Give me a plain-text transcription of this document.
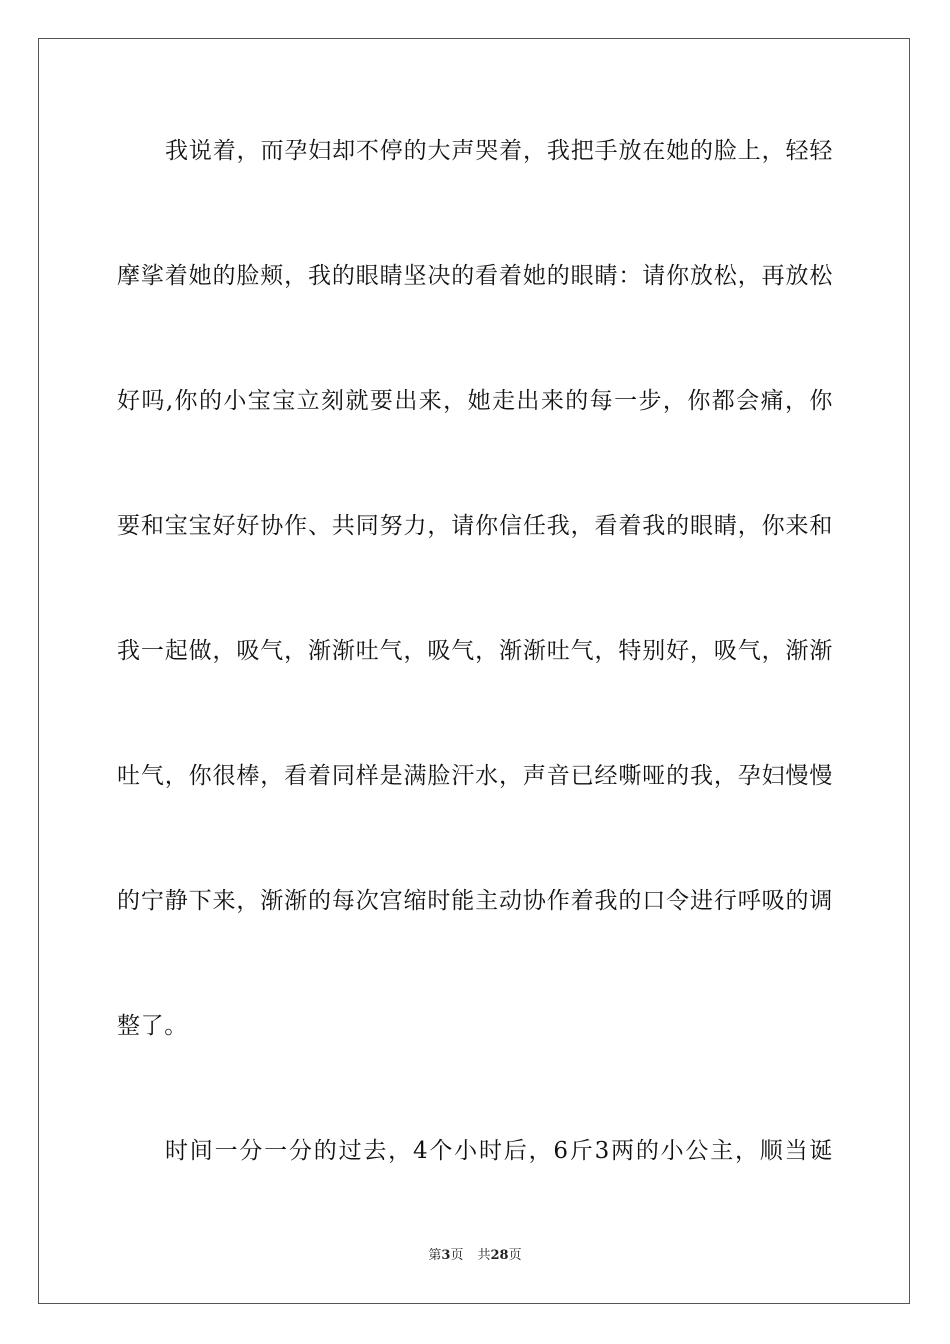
我说着，而孕妇却不停的大声哭着，我把手放在她的脸上，轻轻
摩挲着她的脸颊，我的眼睛坚决的看着她的眼睛：请你放松，再放松
好吗,你的小宝宝立刻就要出来，她走出来的每一步，你都会痛，你
要和宝宝好好协作、共同努力，请你信任我，看着我的眼睛，你来和
我一起做，吸气，渐渐吐气，吸气，渐渐吐气，特别好，吸气，渐渐
吐气，你很棒，看着同样是满脸汗水，声音已经嘶哑的我，孕妇慢慢
的宁静下来，渐渐的每次宫缩时能主动协作着我的口令进行呼吸的调
整了。
时间一分一分的过去，4个小时后，6斤3两的小公主，顺当诞
第3页 共28页
